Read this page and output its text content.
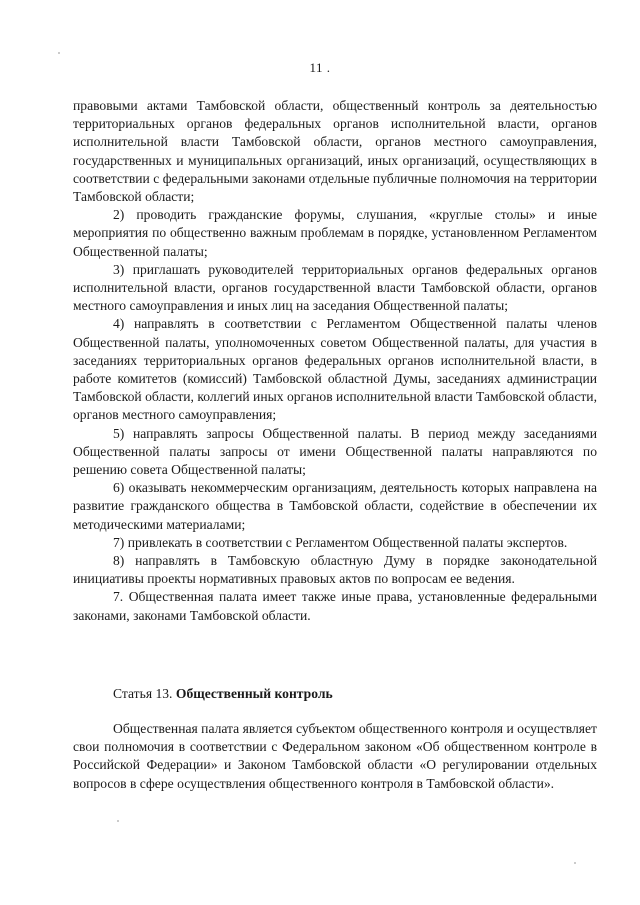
11 .

правовыми актами Тамбовской области, общественный контроль за деятельностью территориальных органов федеральных органов исполнительной власти, органов исполнительной власти Тамбовской области, органов местного самоуправления, государственных и муниципальных организаций, иных организаций, осуществляющих в соответствии с федеральными законами отдельные публичные полномочия на территории Тамбовской области;

2) проводить гражданские форумы, слушания, «круглые столы» и иные мероприятия по общественно важным проблемам в порядке, установленном Регламентом Общественной палаты;

3) приглашать руководителей территориальных органов федеральных органов исполнительной власти, органов государственной власти Тамбовской области, органов местного самоуправления и иных лиц на заседания Общественной палаты;

4) направлять в соответствии с Регламентом Общественной палаты членов Общественной палаты, уполномоченных советом Общественной палаты, для участия в заседаниях территориальных органов федеральных органов исполнительной власти, в работе комитетов (комиссий) Тамбовской областной Думы, заседаниях администрации Тамбовской области, коллегий иных органов исполнительной власти Тамбовской области, органов местного самоуправления;

5) направлять запросы Общественной палаты. В период между заседаниями Общественной палаты запросы от имени Общественной палаты направляются по решению совета Общественной палаты;

6) оказывать некоммерческим организациям, деятельность которых направлена на развитие гражданского общества в Тамбовской области, содействие в обеспечении их методическими материалами;

7) привлекать в соответствии с Регламентом Общественной палаты экспертов.

8) направлять в Тамбовскую областную Думу в порядке законодательной инициативы проекты нормативных правовых актов по вопросам ее ведения.

7. Общественная палата имеет также иные права, установленные федеральными законами, законами Тамбовской области.

Статья 13. Общественный контроль

Общественная палата является субъектом общественного контроля и осуществляет свои полномочия в соответствии с Федеральном законом «Об общественном контроле в Российской Федерации» и Законом Тамбовской области «О регулировании отдельных вопросов в сфере осуществления общественного контроля в Тамбовской области».
